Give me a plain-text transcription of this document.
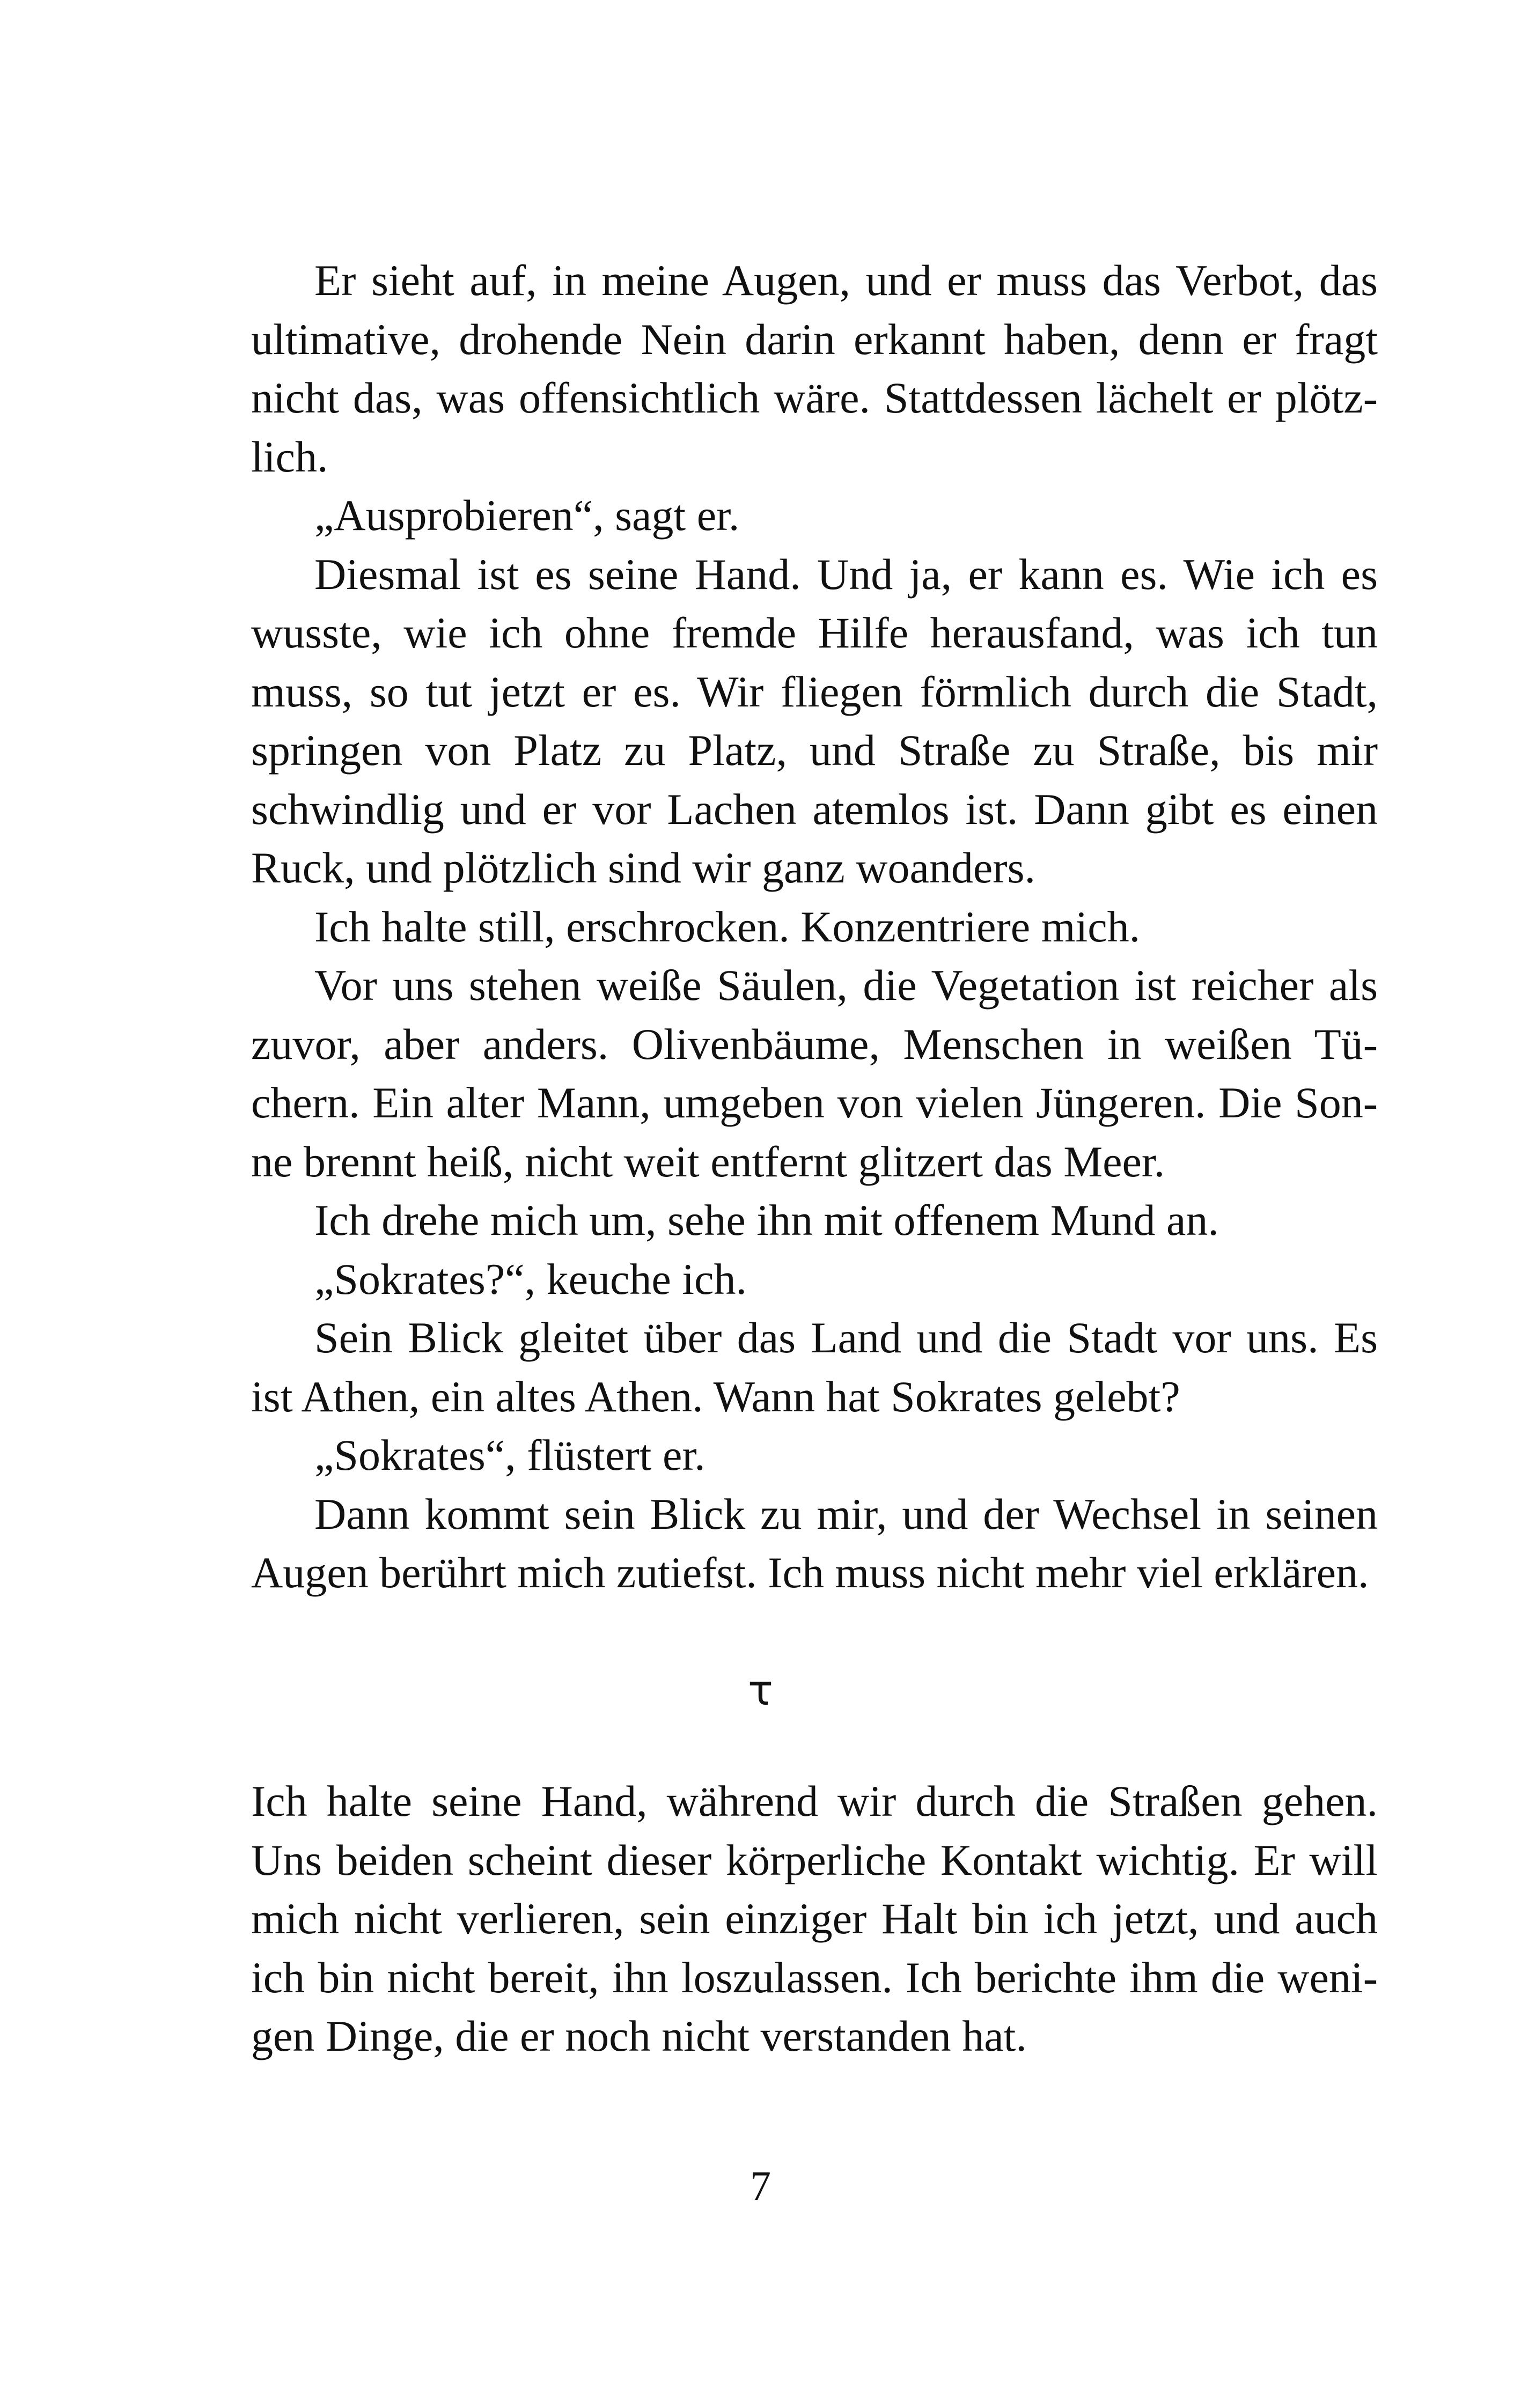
Er sieht auf, in meine Augen, und er muss das Verbot, das ultimative, drohende Nein darin erkannt haben, denn er fragt nicht das, was offensichtlich wäre. Stattdessen lächelt er plötzlich.

„Ausprobieren“, sagt er.

Diesmal ist es seine Hand. Und ja, er kann es. Wie ich es wusste, wie ich ohne fremde Hilfe herausfand, was ich tun muss, so tut jetzt er es. Wir fliegen förmlich durch die Stadt, springen von Platz zu Platz, und Straße zu Straße, bis mir schwindlig und er vor Lachen atemlos ist. Dann gibt es einen Ruck, und plötzlich sind wir ganz woanders.

Ich halte still, erschrocken. Konzentriere mich.

Vor uns stehen weiße Säulen, die Vegetation ist reicher als zuvor, aber anders. Olivenbäume, Menschen in weißen Tüchern. Ein alter Mann, umgeben von vielen Jüngeren. Die Sonne brennt heiß, nicht weit entfernt glitzert das Meer.

Ich drehe mich um, sehe ihn mit offenem Mund an.

„Sokrates?“, keuche ich.

Sein Blick gleitet über das Land und die Stadt vor uns. Es ist Athen, ein altes Athen. Wann hat Sokrates gelebt?

„Sokrates“, flüstert er.

Dann kommt sein Blick zu mir, und der Wechsel in seinen Augen berührt mich zutiefst. Ich muss nicht mehr viel erklären.

τ

Ich halte seine Hand, während wir durch die Straßen gehen. Uns beiden scheint dieser körperliche Kontakt wichtig. Er will mich nicht verlieren, sein einziger Halt bin ich jetzt, und auch ich bin nicht bereit, ihn loszulassen. Ich berichte ihm die wenigen Dinge, die er noch nicht verstanden hat.

7
